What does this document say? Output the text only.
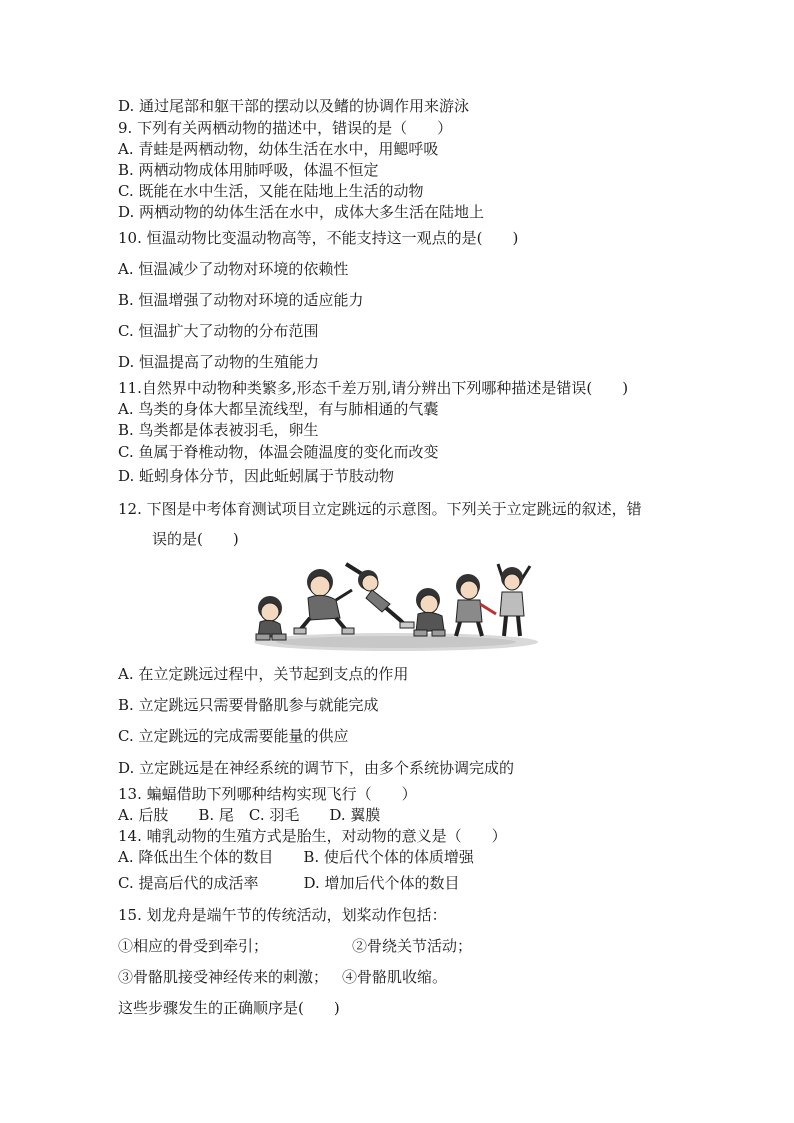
D. 通过尾部和躯干部的摆动以及鳍的协调作用来游泳
9. 下列有关两栖动物的描述中，错误的是（　　）
A. 青蛙是两栖动物，幼体生活在水中，用鳃呼吸
B. 两栖动物成体用肺呼吸，体温不恒定
C. 既能在水中生活，又能在陆地上生活的动物
D. 两栖动物的幼体生活在水中，成体大多生活在陆地上
10. 恒温动物比变温动物高等，不能支持这一观点的是(　　)
A. 恒温减少了动物对环境的依赖性
B. 恒温增强了动物对环境的适应能力
C. 恒温扩大了动物的分布范围
D. 恒温提高了动物的生殖能力
11.自然界中动物种类繁多,形态千差万别,请分辨出下列哪种描述是错误(　　)
A. 鸟类的身体大都呈流线型，有与肺相通的气囊
B. 鸟类都是体表被羽毛，卵生
C. 鱼属于脊椎动物，体温会随温度的变化而改变
D. 蚯蚓身体分节，因此蚯蚓属于节肢动物
12. 下图是中考体育测试项目立定跳远的示意图。下列关于立定跳远的叙述，错
误的是(　　)
A. 在立定跳远过程中，关节起到支点的作用
B. 立定跳远只需要骨骼肌参与就能完成
C. 立定跳远的完成需要能量的供应
D. 立定跳远是在神经系统的调节下，由多个系统协调完成的
13. 蝙蝠借助下列哪种结构实现飞行（　　）
A. 后肢　　B. 尾　C. 羽毛　　D. 翼膜
14. 哺乳动物的生殖方式是胎生，对动物的意义是（　　）
A. 降低出生个体的数目　　B. 使后代个体的体质增强
C. 提高后代的成活率　　　D. 增加后代个体的数目
15. 划龙舟是端午节的传统活动，划桨动作包括：
①相应的骨受到牵引；	②骨绕关节活动；
③骨骼肌接受神经传来的刺激； ④骨骼肌收缩。
这些步骤发生的正确顺序是(　　)
